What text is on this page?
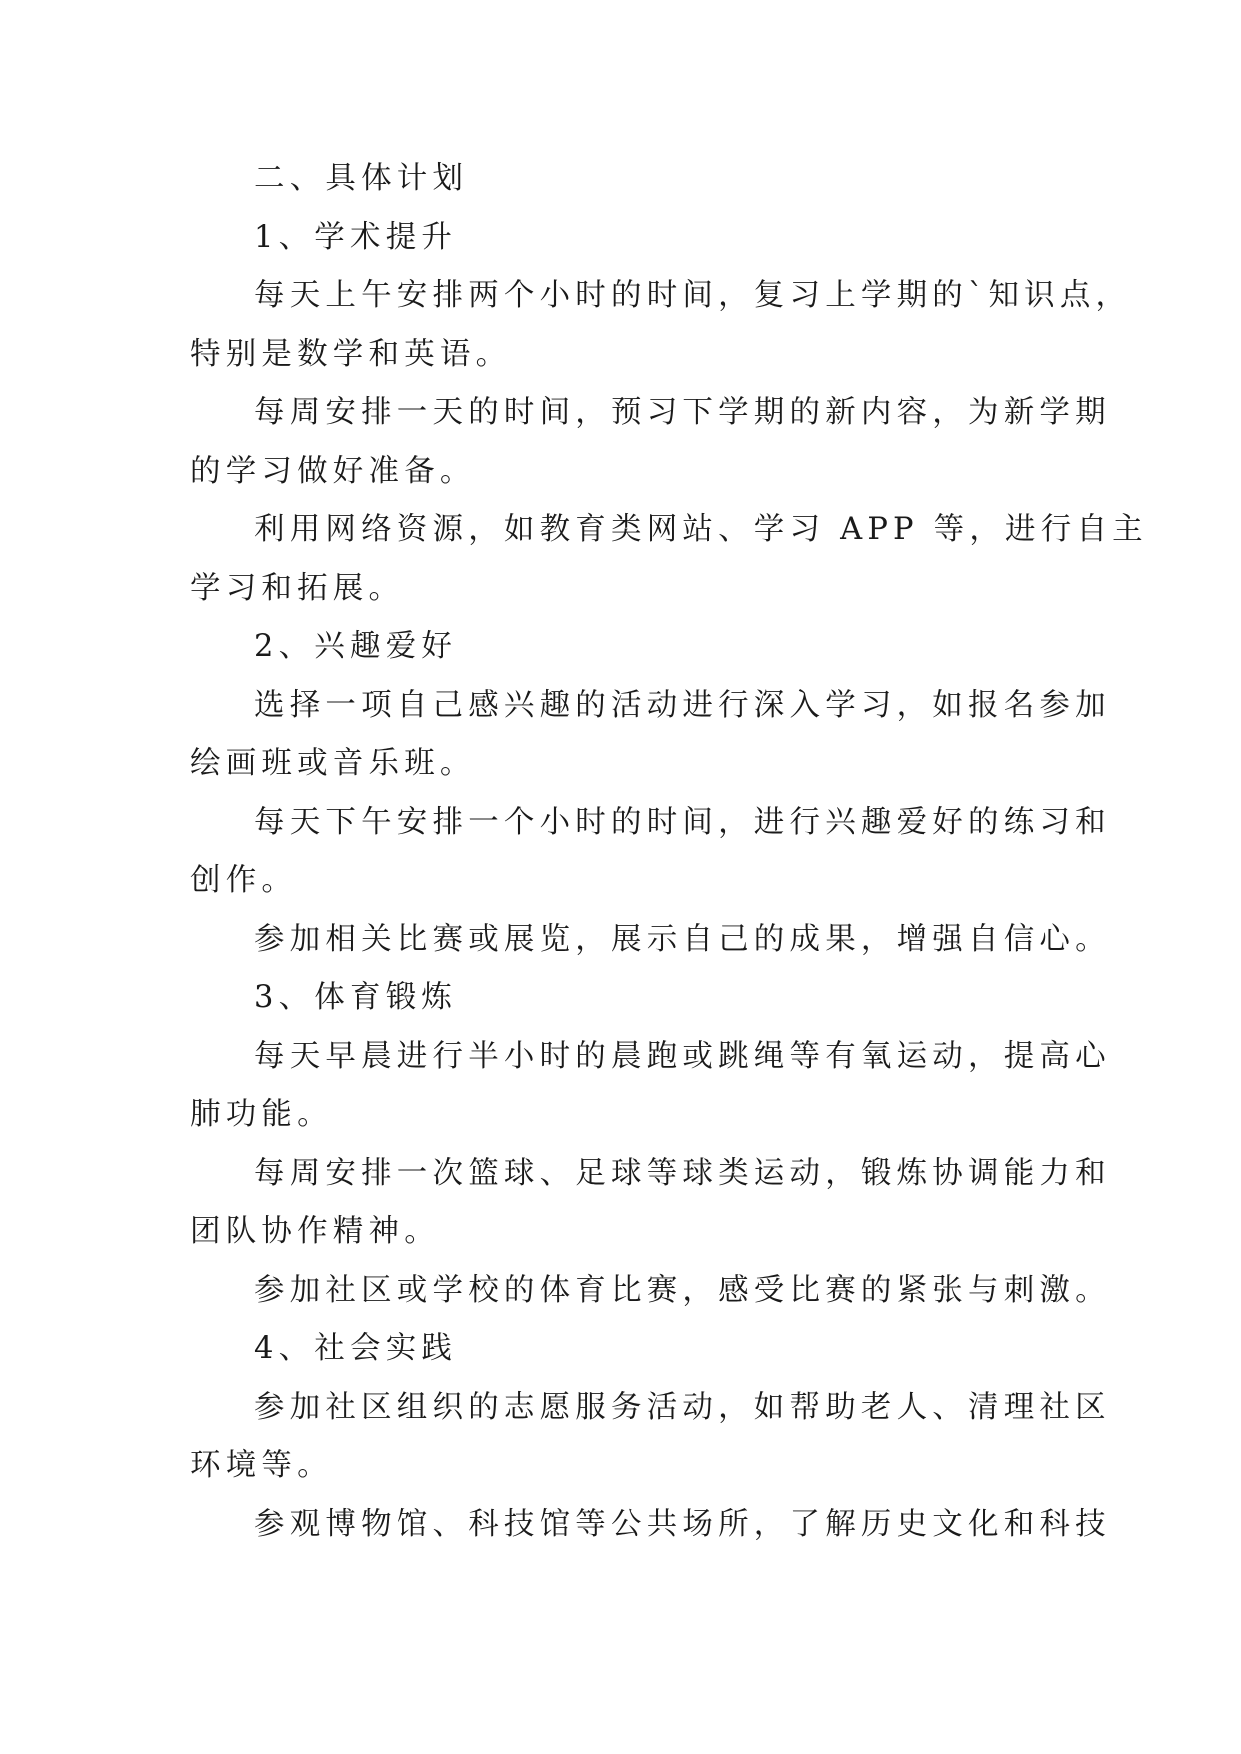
二、具体计划
1、学术提升
每天上午安排两个小时的时间，复习上学期的`知识点，
特别是数学和英语。
每周安排一天的时间，预习下学期的新内容，为新学期
的学习做好准备。
利用网络资源，如教育类网站、学习 APP 等，进行自主
学习和拓展。
2、兴趣爱好
选择一项自己感兴趣的活动进行深入学习，如报名参加
绘画班或音乐班。
每天下午安排一个小时的时间，进行兴趣爱好的练习和
创作。
参加相关比赛或展览，展示自己的成果，增强自信心。
3、体育锻炼
每天早晨进行半小时的晨跑或跳绳等有氧运动，提高心
肺功能。
每周安排一次篮球、足球等球类运动，锻炼协调能力和
团队协作精神。
参加社区或学校的体育比赛，感受比赛的紧张与刺激。
4、社会实践
参加社区组织的志愿服务活动，如帮助老人、清理社区
环境等。
参观博物馆、科技馆等公共场所，了解历史文化和科技
